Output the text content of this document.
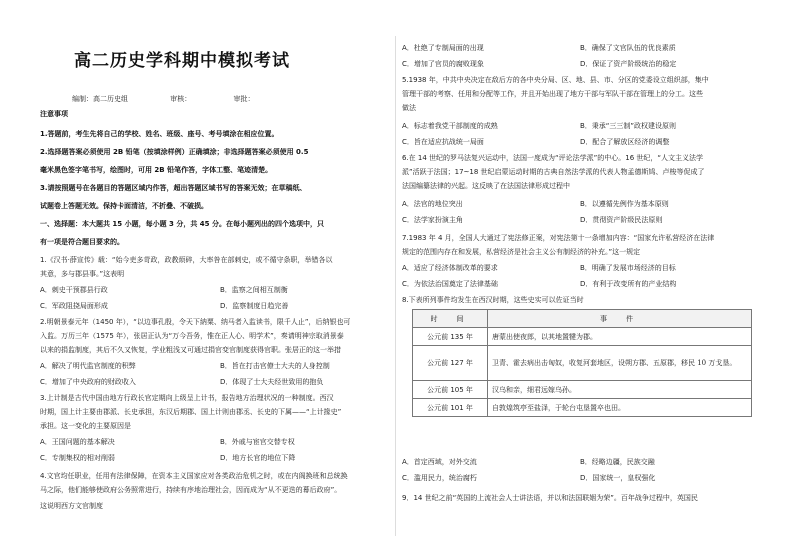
高二历史学科期中模拟考试
编制：高二历史组	审核：	审批：
注意事项
1.答题前，考生先将自己的学校、姓名、班级、座号、考号填涂在相应位置。
2.选择题答案必须使用 2B 铅笔（按填涂样例）正确填涂；非选择题答案必须使用 0.5
毫米黑色签字笔书写，绘图时，可用 2B 铅笔作答，字体工整、笔迹清楚。
3.请按照题号在各题目的答题区域内作答，超出答题区域书写的答案无效；在草稿纸、
试题卷上答题无效。保持卡面清洁，不折叠、不破损。
一、选择题：本大题共 15 小题，每小题 3 分，共 45 分。在每小题列出的四个选项中，只
有一项是符合题目要求的。
1.《汉书·薛宣传》载：“始今吏多苛政，政教烦碎，大率咎在部刺史，或不循守条职，举错各以
其意，多与郡县事。”这表明
A．刺史干预郡县行政	B．监察之间相互制衡
C．军政阻挠局面形成	D．监察制度日趋完善
2.明朝景泰元年（1450 年），“以边事孔殷，令天下納粟、纳马者入监读书，限千人止”，后纳银也可
入监。万历三年（1575 年），张居正认为“万今吾务，惟在正人心、明学术”，奏请明神宗取消景泰
以来的捐监制度，其后不久又恢复，学业粗浅又可通过捐官变官制度获得官职。张居正的这一举措
A．解决了明代监官制度的积弊	B．旨在打击官僚士大夫的人身控制
C．增加了中央政府的财政收入	D．体现了士大夫经世致用的抱负
3.上计制是古代中国由地方行政长官定期向上级呈上计书，报告地方治理状况的一种制度。西汉
时期，国上计主要由郡派、长史承担，东汉后期郡、国上计则由郡丞、长史的下属——“上计掾史”
承担。这一变化的主要原因是
A．王国问题的基本解决	B．外戚与宦官交替专权
C．专制集权的相对削弱	D．地方长官的地位下降
4.文官均任职业，任用有法律保障，在资本主义国家应对各类政治危机之时，或在内阁换班和总统换
马之际，他们能够使政府公务照常进行，持续有序地治理社会，因而成为“从不更迭的幕后政府”。
这说明西方文官制度
A．杜绝了专制局面的出现	B．确保了文官队伍的优良素质
C．增加了官员的腐败现象	D．保证了资产阶级统治的稳定
5.1938 年，中共中央决定在敌后方的各中央分局、区、地、县、市、分区的党委设立组织部，集中
管理干部的考察、任用和分配等工作，并且开始出现了地方干部与军队干部在管理上的分工。这些
做法
A．标志着我党干部制度的成熟	B．秉承“三三制”政权建设原则
C．旨在适应抗战统一局面	D．配合了解放区经济的调整
6.在 14 世纪的罗马法复兴运动中，法国一度成为“评论法学派”的中心。16 世纪，“人文主义法学
派”活跃于法国；17~18 世纪启蒙运动时期的古典自然法学派的代表人物孟德斯鸠、卢梭等促成了
法国编纂法律的兴起。这反映了在法国法律形成过程中
A．法官的地位突出	B．以遵循先例作为基本原则
C．法学家扮演主角	D．贯彻资产阶级民法原则
7.1983 年 4 月，全国人大通过了宪法修正案，对宪法第十一条增加内容：“国家允许私营经济在法律
规定的范围内存在和发展，私营经济是社会主义公有制经济的补充。”这一规定
A．适应了经济体制改革的要求	B．明确了发展市场经济的目标
C．为依法治国奠定了法律基础	D．有利于改变所有的产业结构
8.下表所列事件均发生在西汉时期，这些史实可以佐证当时
时　间	事　件
公元前 135 年	唐蒙出使夜郎，以其地置犍为郡。
公元前 127 年	卫青、霍去病出击匈奴，收复河套地区，设朔方郡、五原郡，移民 10 万戈垦。
公元前 105 年	汉乌和亲，细君远嫁乌孙。
公元前 101 年	自敦煌筑亭至盐泽，于轮台屯垦置卒也田。
A．首定西域，对外交流	B．经略边疆，民族交融
C．滥用民力，统治腐朽	D．国家统一，皇权强化
9．14 世纪之前“英国的上流社会人士讲法语，并以和法国联姻为荣”。百年战争过程中，英国民
